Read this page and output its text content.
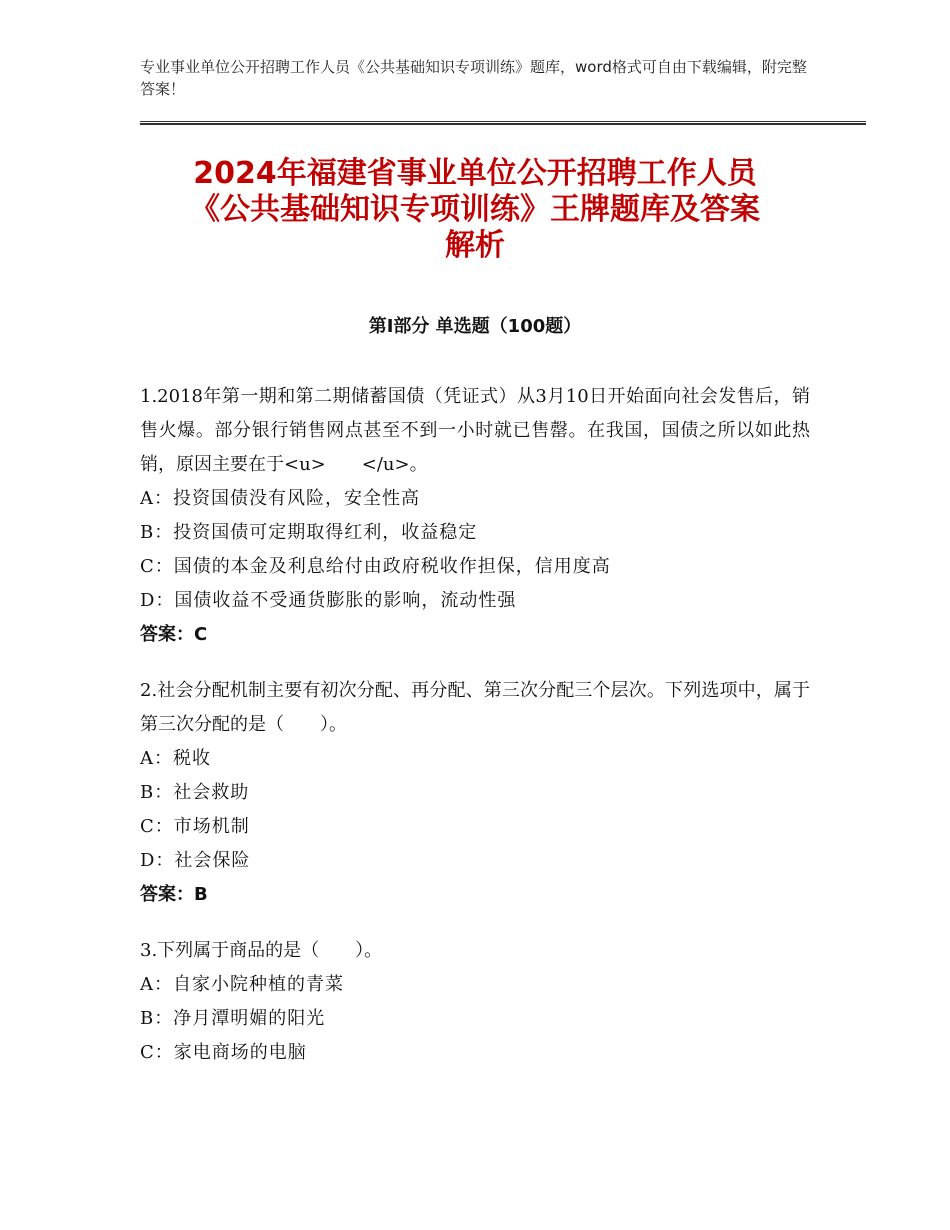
专业事业单位公开招聘工作人员《公共基础知识专项训练》题库，word格式可自由下载编辑，附完整答案！
2024年福建省事业单位公开招聘工作人员
《公共基础知识专项训练》王牌题库及答案
解析
第Ⅰ部分 单选题（100题）

1.2018年第一期和第二期储蓄国债（凭证式）从3月10日开始面向社会发售后，销售火爆。部分银行销售网点甚至不到一小时就已售罄。在我国，国债之所以如此热销，原因主要在于<u>　　</u>。

A：投资国债没有风险，安全性高

B：投资国债可定期取得红利，收益稳定

C：国债的本金及利息给付由政府税收作担保，信用度高

D：国债收益不受通货膨胀的影响，流动性强

答案：C

2.社会分配机制主要有初次分配、再分配、第三次分配三个层次。下列选项中，属于第三次分配的是（　　）。

A：税收

B：社会救助

C：市场机制

D：社会保险

答案：B

3.下列属于商品的是（　　）。

A：自家小院种植的青菜

B：净月潭明媚的阳光

C：家电商场的电脑
